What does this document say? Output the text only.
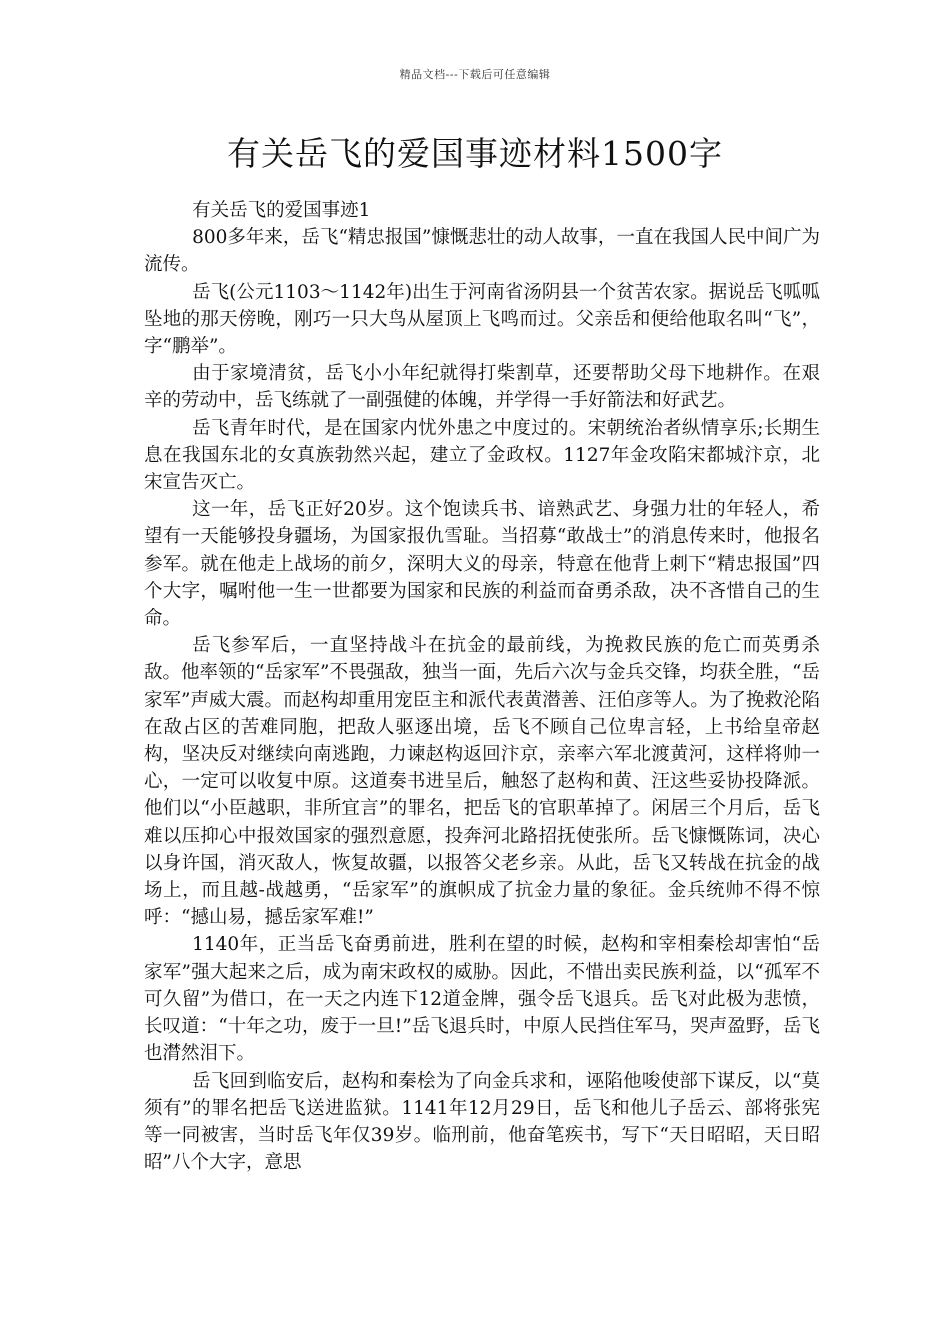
精品文档---下载后可任意编辑
有关岳飞的爱国事迹材料1500字

有关岳飞的爱国事迹1

800多年来，岳飞“精忠报国”慷慨悲壮的动人故事，一直在我国人民中间广为流传。

岳飞(公元1103～1142年)出生于河南省汤阴县一个贫苦农家。据说岳飞呱呱坠地的那天傍晚，刚巧一只大鸟从屋顶上飞鸣而过。父亲岳和便给他取名叫“飞”，字“鹏举”。

由于家境清贫，岳飞小小年纪就得打柴割草，还要帮助父母下地耕作。在艰辛的劳动中，岳飞练就了一副强健的体魄，并学得一手好箭法和好武艺。

岳飞青年时代，是在国家内忧外患之中度过的。宋朝统治者纵情享乐;长期生息在我国东北的女真族勃然兴起，建立了金政权。1127年金攻陷宋都城汴京，北宋宣告灭亡。

这一年，岳飞正好20岁。这个饱读兵书、谙熟武艺、身强力壮的年轻人，希望有一天能够投身疆场，为国家报仇雪耻。当招募“敢战士”的消息传来时，他报名参军。就在他走上战场的前夕，深明大义的母亲，特意在他背上刺下“精忠报国”四个大字，嘱咐他一生一世都要为国家和民族的利益而奋勇杀敌，决不吝惜自己的生命。

岳飞参军后，一直坚持战斗在抗金的最前线，为挽救民族的危亡而英勇杀敌。他率领的“岳家军”不畏强敌，独当一面，先后六次与金兵交锋，均获全胜，“岳家军”声威大震。而赵构却重用宠臣主和派代表黄潜善、汪伯彦等人。为了挽救沦陷在敌占区的苦难同胞，把敌人驱逐出境，岳飞不顾自己位卑言轻，上书给皇帝赵构，坚决反对继续向南逃跑，力谏赵构返回汴京，亲率六军北渡黄河，这样将帅一心，一定可以收复中原。这道奏书进呈后，触怒了赵构和黄、汪这些妥协投降派。他们以“小臣越职，非所宜言”的罪名，把岳飞的官职革掉了。闲居三个月后，岳飞难以压抑心中报效国家的强烈意愿，投奔河北路招抚使张所。岳飞慷慨陈词，决心以身许国，消灭敌人，恢复故疆，以报答父老乡亲。从此，岳飞又转战在抗金的战场上，而且越-战越勇，“岳家军”的旗帜成了抗金力量的象征。金兵统帅不得不惊呼：“撼山易，撼岳家军难!”

1140年，正当岳飞奋勇前进，胜利在望的时候，赵构和宰相秦桧却害怕“岳家军”强大起来之后，成为南宋政权的威胁。因此，不惜出卖民族利益，以“孤军不可久留”为借口，在一天之内连下12道金牌，强令岳飞退兵。岳飞对此极为悲愤，长叹道：“十年之功，废于一旦!”岳飞退兵时，中原人民挡住军马，哭声盈野，岳飞也潸然泪下。

岳飞回到临安后，赵构和秦桧为了向金兵求和，诬陷他唆使部下谋反，以“莫须有”的罪名把岳飞送进监狱。1141年12月29日，岳飞和他儿子岳云、部将张宪等一同被害，当时岳飞年仅39岁。临刑前，他奋笔疾书，写下“天日昭昭，天日昭昭”八个大字，意思
